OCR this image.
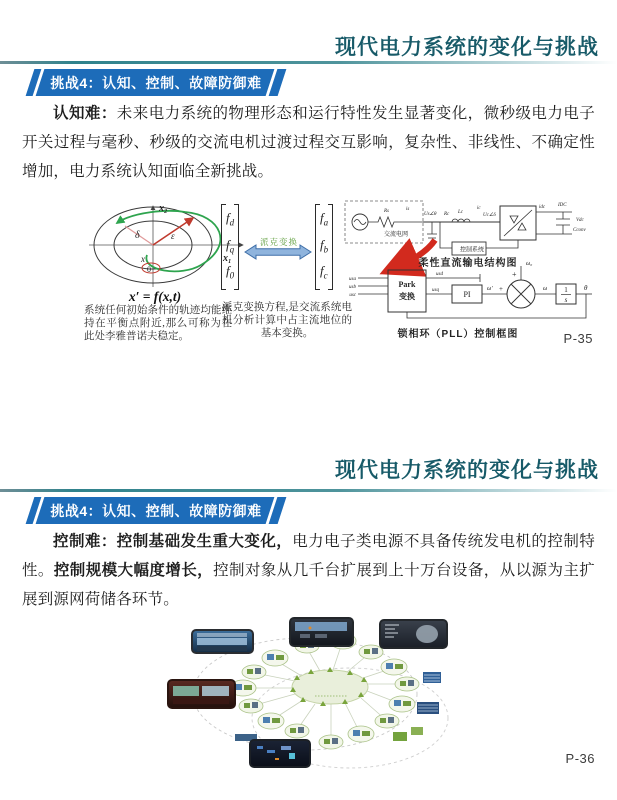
现代电力系统的变化与挑战
挑战4：认知、控制、故障防御难

认知难：未来电力系统的物理形态和运行特性发生显著变化，微秒级电力电子开关过程与毫秒、秒级的交流电机过渡过程交互影响，复杂性、非线性、不确定性增加，电力系统认知面临全新挑战。

x₂
x₁
δ	ε
x
0
x′ = f(x,t)
系统任何初始条件的轨迹均能维持在平衡点附近,那么可称为在此处李雅普诺夫稳定。
$f_d$
$f_q$
$f_0$
派克变换
$f_a$
$f_b$
$f_c$
派克变换方程,是交流系统电机分析计算中占主流地位的基本变换。
交流电网
Rs	is
Us∠θ Rc Lc
ic
Uc∠δ
idc	IDC
Vdc
Cconv
控制系统
柔性直流输电结构图
usa
usb
usc
Park
变换
usd
usq	PI
ω′ +
ω₀
+
ω 1
s
θ
锁相环（PLL）控制框图	P-35
现代电力系统的变化与挑战
挑战4：认知、控制、故障防御难

控制难：控制基础发生重大变化，电力电子类电源不具备传统发电机的控制特性。控制规模大幅度增长，控制对象从几千台扩展到上十万台设备，从以源为主扩展到源网荷储各环节。

P-36
